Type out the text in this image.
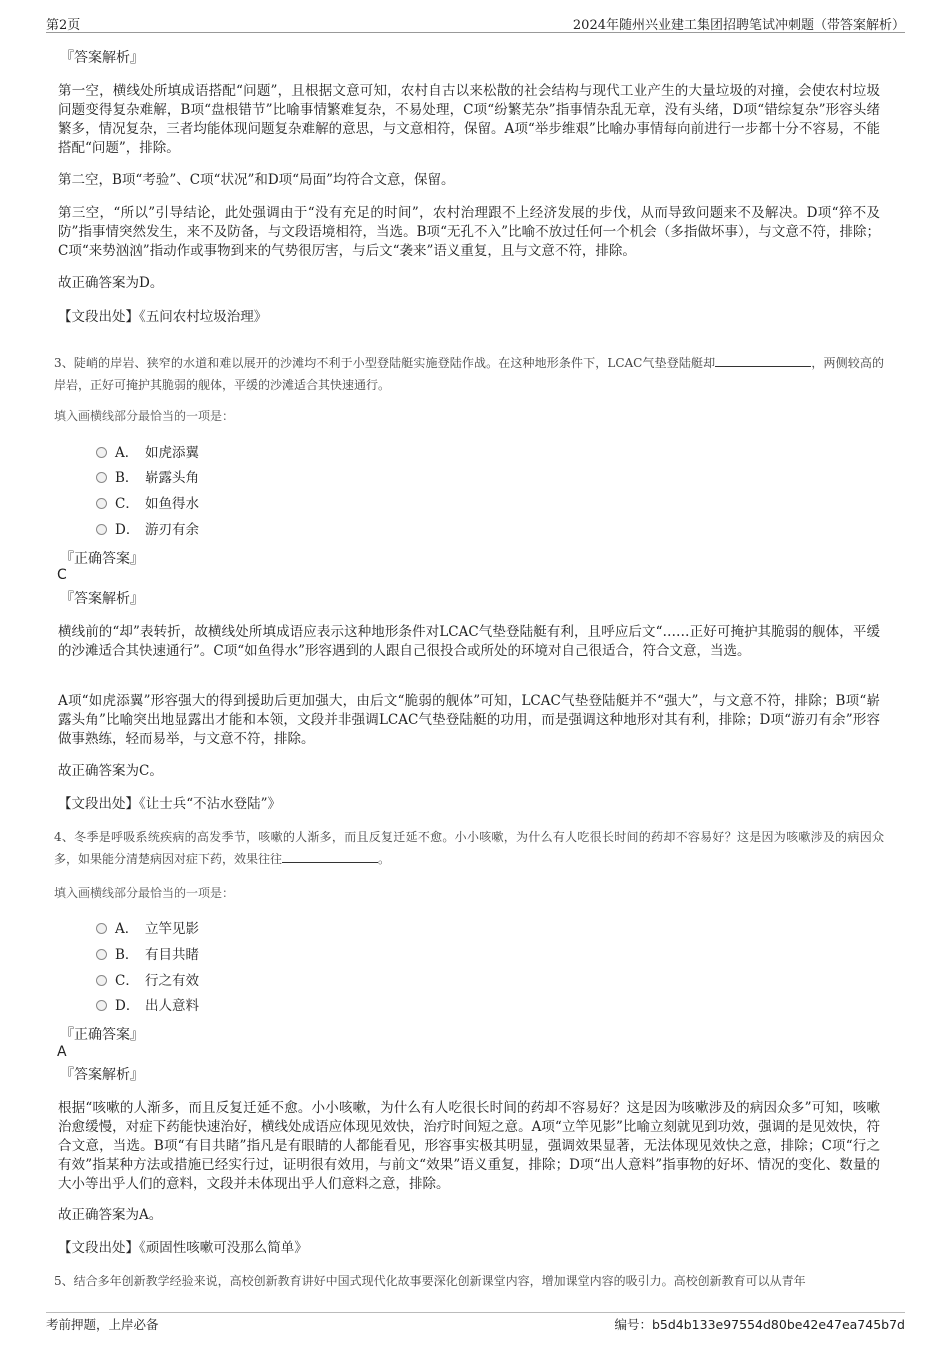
第2页	2024年随州兴业建工集团招聘笔试冲刺题（带答案解析）
『答案解析』
第一空，横线处所填成语搭配“问题”，且根据文意可知，农村自古以来松散的社会结构与现代工业产生的大量垃圾的对撞，会使农村垃圾问题变得复杂难解，B项“盘根错节”比喻事情繁难复杂，不易处理，C项“纷繁芜杂”指事情杂乱无章，没有头绪，D项“错综复杂”形容头绪繁多，情况复杂，三者均能体现问题复杂难解的意思，与文意相符，保留。A项“举步维艰”比喻办事情每向前进行一步都十分不容易，不能搭配“问题”，排除。
第二空，B项“考验”、C项“状况”和D项“局面”均符合文意，保留。
第三空，“所以”引导结论，此处强调由于“没有充足的时间”，农村治理跟不上经济发展的步伐，从而导致问题来不及解决。D项“猝不及防”指事情突然发生，来不及防备，与文段语境相符，当选。B项“无孔不入”比喻不放过任何一个机会（多指做坏事），与文意不符，排除；C项“来势汹汹”指动作或事物到来的气势很厉害，与后文“袭来”语义重复，且与文意不符，排除。
故正确答案为D。
【文段出处】《五问农村垃圾治理》
3、陡峭的岸岩、狭窄的水道和难以展开的沙滩均不利于小型登陆艇实施登陆作战。在这种地形条件下，LCAC气垫登陆艇却	，两侧较高的岸岩，正好可掩护其脆弱的舰体，平缓的沙滩适合其快速通行。
填入画横线部分最恰当的一项是：
A． 如虎添翼
B． 崭露头角
C． 如鱼得水
D． 游刃有余
『正确答案』
C
『答案解析』
横线前的“却”表转折，故横线处所填成语应表示这种地形条件对LCAC气垫登陆艇有利，且呼应后文“……正好可掩护其脆弱的舰体，平缓的沙滩适合其快速通行”。C项“如鱼得水”形容遇到的人跟自己很投合或所处的环境对自己很适合，符合文意，当选。
A项“如虎添翼”形容强大的得到援助后更加强大，由后文“脆弱的舰体”可知，LCAC气垫登陆艇并不“强大”，与文意不符，排除；B项“崭露头角”比喻突出地显露出才能和本领，文段并非强调LCAC气垫登陆艇的功用，而是强调这种地形对其有利，排除；D项“游刃有余”形容做事熟练，轻而易举，与文意不符，排除。
故正确答案为C。
【文段出处】《让士兵“不沾水登陆”》
4、冬季是呼吸系统疾病的高发季节，咳嗽的人渐多，而且反复迁延不愈。小小咳嗽，为什么有人吃很长时间的药却不容易好？这是因为咳嗽涉及的病因众多，如果能分清楚病因对症下药，效果往往	。
填入画横线部分最恰当的一项是：
A． 立竿见影
B． 有目共睹
C． 行之有效
D． 出人意料
『正确答案』
A
『答案解析』
根据“咳嗽的人渐多，而且反复迁延不愈。小小咳嗽，为什么有人吃很长时间的药却不容易好？这是因为咳嗽涉及的病因众多”可知，咳嗽治愈缓慢，对症下药能快速治好，横线处成语应体现见效快，治疗时间短之意。A项“立竿见影”比喻立刻就见到功效，强调的是见效快，符合文意，当选。B项“有目共睹”指凡是有眼睛的人都能看见，形容事实极其明显，强调效果显著，无法体现见效快之意，排除；C项“行之有效”指某种方法或措施已经实行过，证明很有效用，与前文“效果”语义重复，排除；D项“出人意料”指事物的好坏、情况的变化、数量的大小等出乎人们的意料，文段并未体现出乎人们意料之意，排除。
故正确答案为A。
【文段出处】《顽固性咳嗽可没那么简单》
5、结合多年创新教学经验来说，高校创新教育讲好中国式现代化故事要深化创新课堂内容，增加课堂内容的吸引力。高校创新教育可以从青年
考前押题，上岸必备	编号：b5d4b133e97554d80be42e47ea745b7d
